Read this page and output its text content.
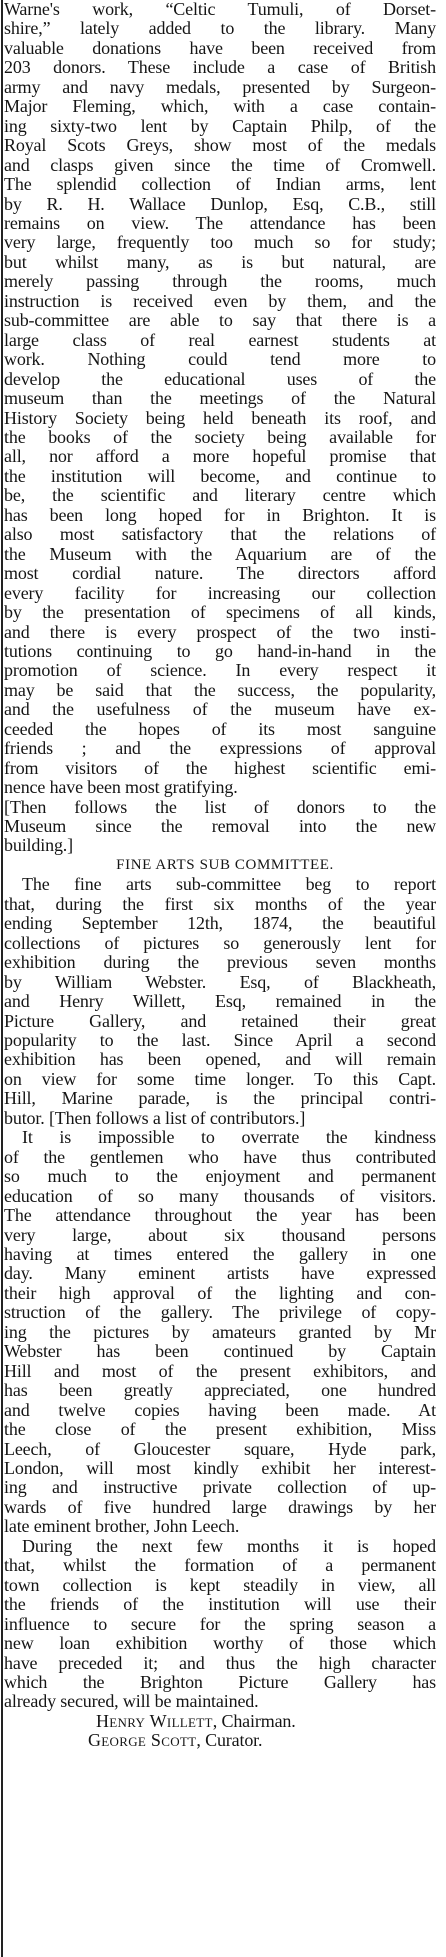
Warne's work, “Celtic Tumuli, of Dorset-
shire,” lately added to the library. Many
valuable donations have been received from
203 donors. These include a case of British
army and navy medals, presented by Surgeon-
Major Fleming, which, with a case contain-
ing sixty-two lent by Captain Philp, of the
Royal Scots Greys, show most of the medals
and clasps given since the time of Cromwell.
The splendid collection of Indian arms, lent
by R. H. Wallace Dunlop, Esq, C.B., still
remains on view. The attendance has been
very large, frequently too much so for study;
but whilst many, as is but natural, are
merely passing through the rooms, much
instruction is received even by them, and the
sub-committee are able to say that there is a
large class of real earnest students at
work. Nothing could tend more to
develop the educational uses of the
museum than the meetings of the Natural
History Society being held beneath its roof, and
the books of the society being available for
all, nor afford a more hopeful promise that
the institution will become, and continue to
be, the scientific and literary centre which
has been long hoped for in Brighton. It is
also most satisfactory that the relations of
the Museum with the Aquarium are of the
most cordial nature. The directors afford
every facility for increasing our collection
by the presentation of specimens of all kinds,
and there is every prospect of the two insti-
tutions continuing to go hand-in-hand in the
promotion of science. In every respect it
may be said that the success, the popularity,
and the usefulness of the museum have ex-
ceeded the hopes of its most sanguine
friends ; and the expressions of approval
from visitors of the highest scientific emi-
nence have been most gratifying.
[Then follows the list of donors to the
Museum since the removal into the new
building.]
FINE ARTS SUB COMMITTEE.
The fine arts sub-committee beg to report
that, during the first six months of the year
ending September 12th, 1874, the beautiful
collections of pictures so generously lent for
exhibition during the previous seven months
by William Webster. Esq, of Blackheath,
and Henry Willett, Esq, remained in the
Picture Gallery, and retained their great
popularity to the last. Since April a second
exhibition has been opened, and will remain
on view for some time longer. To this Capt.
Hill, Marine parade, is the principal contri-
butor. [Then follows a list of contributors.]
It is impossible to overrate the kindness
of the gentlemen who have thus contributed
so much to the enjoyment and permanent
education of so many thousands of visitors.
The attendance throughout the year has been
very large, about six thousand persons
having at times entered the gallery in one
day. Many eminent artists have expressed
their high approval of the lighting and con-
struction of the gallery. The privilege of copy-
ing the pictures by amateurs granted by Mr
Webster has been continued by Captain
Hill and most of the present exhibitors, and
has been greatly appreciated, one hundred
and twelve copies having been made. At
the close of the present exhibition, Miss
Leech, of Gloucester square, Hyde park,
London, will most kindly exhibit her interest-
ing and instructive private collection of up-
wards of five hundred large drawings by her
late eminent brother, John Leech.
During the next few months it is hoped
that, whilst the formation of a permanent
town collection is kept steadily in view, all
the friends of the institution will use their
influence to secure for the spring season a
new loan exhibition worthy of those which
have preceded it; and thus the high character
which the Brighton Picture Gallery has
already secured, will be maintained.
Henry Willett, Chairman.
George Scott, Curator.
